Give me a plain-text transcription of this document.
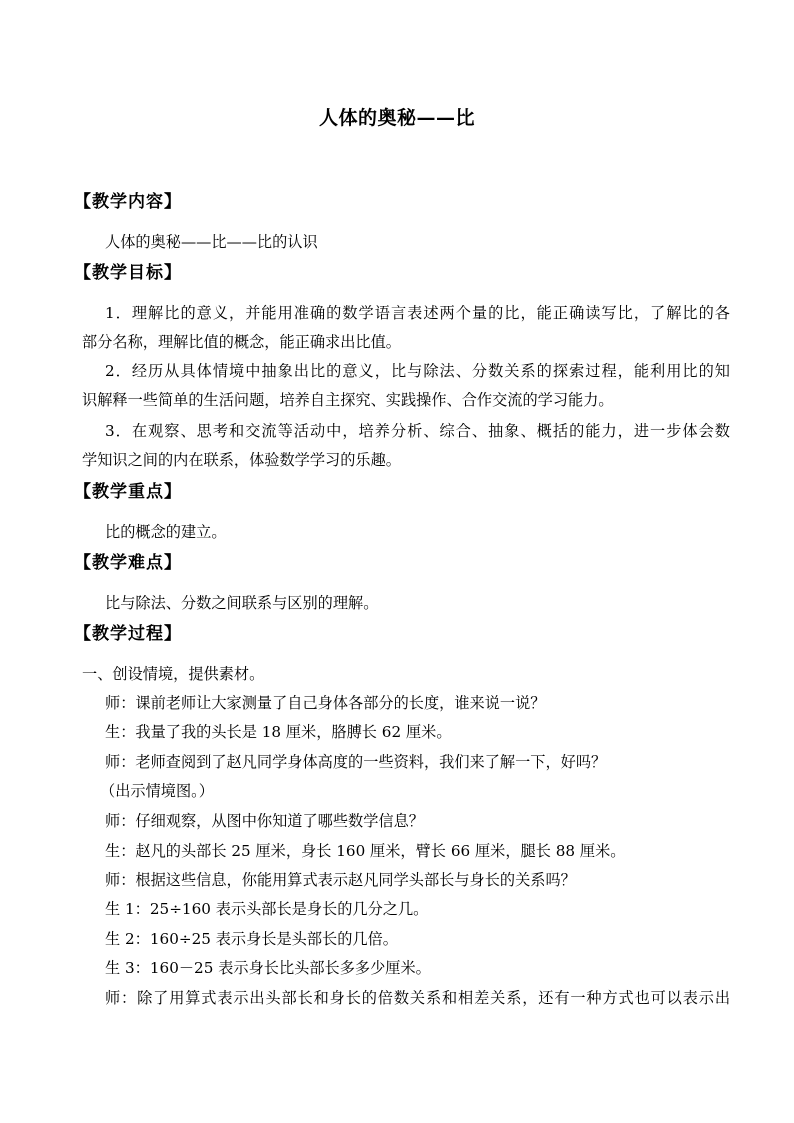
人体的奥秘——比
【教学内容】
人体的奥秘——比——比的认识
【教学目标】
1．理解比的意义，并能用准确的数学语言表述两个量的比，能正确读写比，了解比的各
部分名称，理解比值的概念，能正确求出比值。
2．经历从具体情境中抽象出比的意义，比与除法、分数关系的探索过程，能利用比的知
识解释一些简单的生活问题，培养自主探究、实践操作、合作交流的学习能力。
3．在观察、思考和交流等活动中，培养分析、综合、抽象、概括的能力，进一步体会数
学知识之间的内在联系，体验数学学习的乐趣。
【教学重点】
比的概念的建立。
【教学难点】
比与除法、分数之间联系与区别的理解。
【教学过程】
一、创设情境，提供素材。
师：课前老师让大家测量了自己身体各部分的长度，谁来说一说？
生：我量了我的头长是 18 厘米，胳膊长 62 厘米。
师：老师查阅到了赵凡同学身体高度的一些资料，我们来了解一下，好吗？
（出示情境图。）
师：仔细观察，从图中你知道了哪些数学信息？
生：赵凡的头部长 25 厘米，身长 160 厘米，臂长 66 厘米，腿长 88 厘米。
师：根据这些信息，你能用算式表示赵凡同学头部长与身长的关系吗？
生 1：25÷160 表示头部长是身长的几分之几。
生 2：160÷25 表示身长是头部长的几倍。
生 3：160－25 表示身长比头部长多多少厘米。
师：除了用算式表示出头部长和身长的倍数关系和相差关系，还有一种方式也可以表示出
